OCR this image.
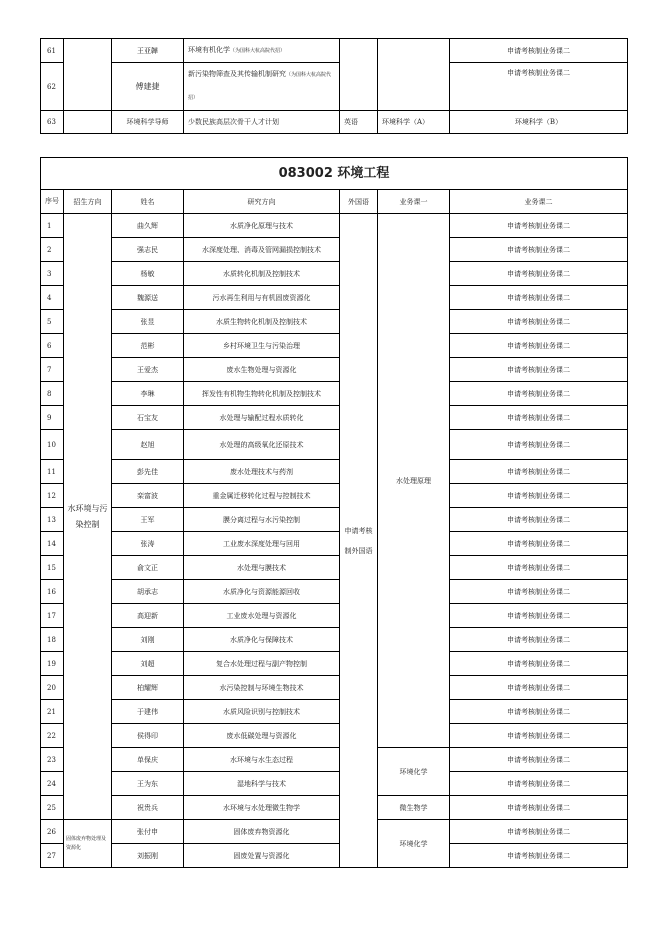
61		王亚韡	环境有机化学（为国科大杭高院代招）			申请考核制业务课二
62		傅建捷	新污染物筛查及其传输机制研究（为国科大杭高院代招）			申请考核制业务课二
63		环境科学导师	少数民族高层次骨干人才计划	英语	环境科学（A）	环境科学（B）
083002 环境工程						
序号	招生方向	姓名	研究方向	外国语	业务课一	业务课二
1	水环境与污染控制	曲久辉	水质净化原理与技术	申请考核制外国语	水处理原理	申请考核制业务课二
2		强志民	水深度处理、消毒及管网漏损控制技术			申请考核制业务课二
3		杨敏	水质转化机制及控制技术			申请考核制业务课二
4		魏源送	污水再生利用与有机固废资源化			申请考核制业务课二
5		张昱	水质生物转化机制及控制技术			申请考核制业务课二
6		范彬	乡村环境卫生与污染治理			申请考核制业务课二
7		王爱杰	废水生物处理与资源化			申请考核制业务课二
8		李琳	挥发性有机物生物转化机制及控制技术			申请考核制业务课二
9		石宝友	水处理与输配过程水质转化			申请考核制业务课二
10		赵旭	水处理的高级氧化还原技术			申请考核制业务课二
11		彭先佳	废水处理技术与药剂			申请考核制业务课二
12		栾富波	重金属迁移转化过程与控制技术			申请考核制业务课二
13		王军	膜分离过程与水污染控制			申请考核制业务课二
14		张涛	工业废水深度处理与回用			申请考核制业务课二
15		俞文正	水处理与膜技术			申请考核制业务课二
16		胡承志	水质净化与资源能源回收			申请考核制业务课二
17		高迎新	工业废水处理与资源化			申请考核制业务课二
18		刘刚	水质净化与保障技术			申请考核制业务课二
19		刘超	复合水处理过程与副产物控制			申请考核制业务课二
20		柏耀辉	水污染控制与环境生物技术			申请考核制业务课二
21		于建伟	水质风险识别与控制技术			申请考核制业务课二
22		侯得印	废水低碳处理与资源化			申请考核制业务课二
23		单保庆	水环境与水生态过程		环境化学	申请考核制业务课二
24		王为东	湿地科学与技术			申请考核制业务课二
25		祝贵兵	水环境与水处理微生物学		微生物学	申请考核制业务课二
26	固体废弃物处理及资源化	张付申	固体废弃物资源化		环境化学	申请考核制业务课二
27		刘振刚	固废处置与资源化			申请考核制业务课二
